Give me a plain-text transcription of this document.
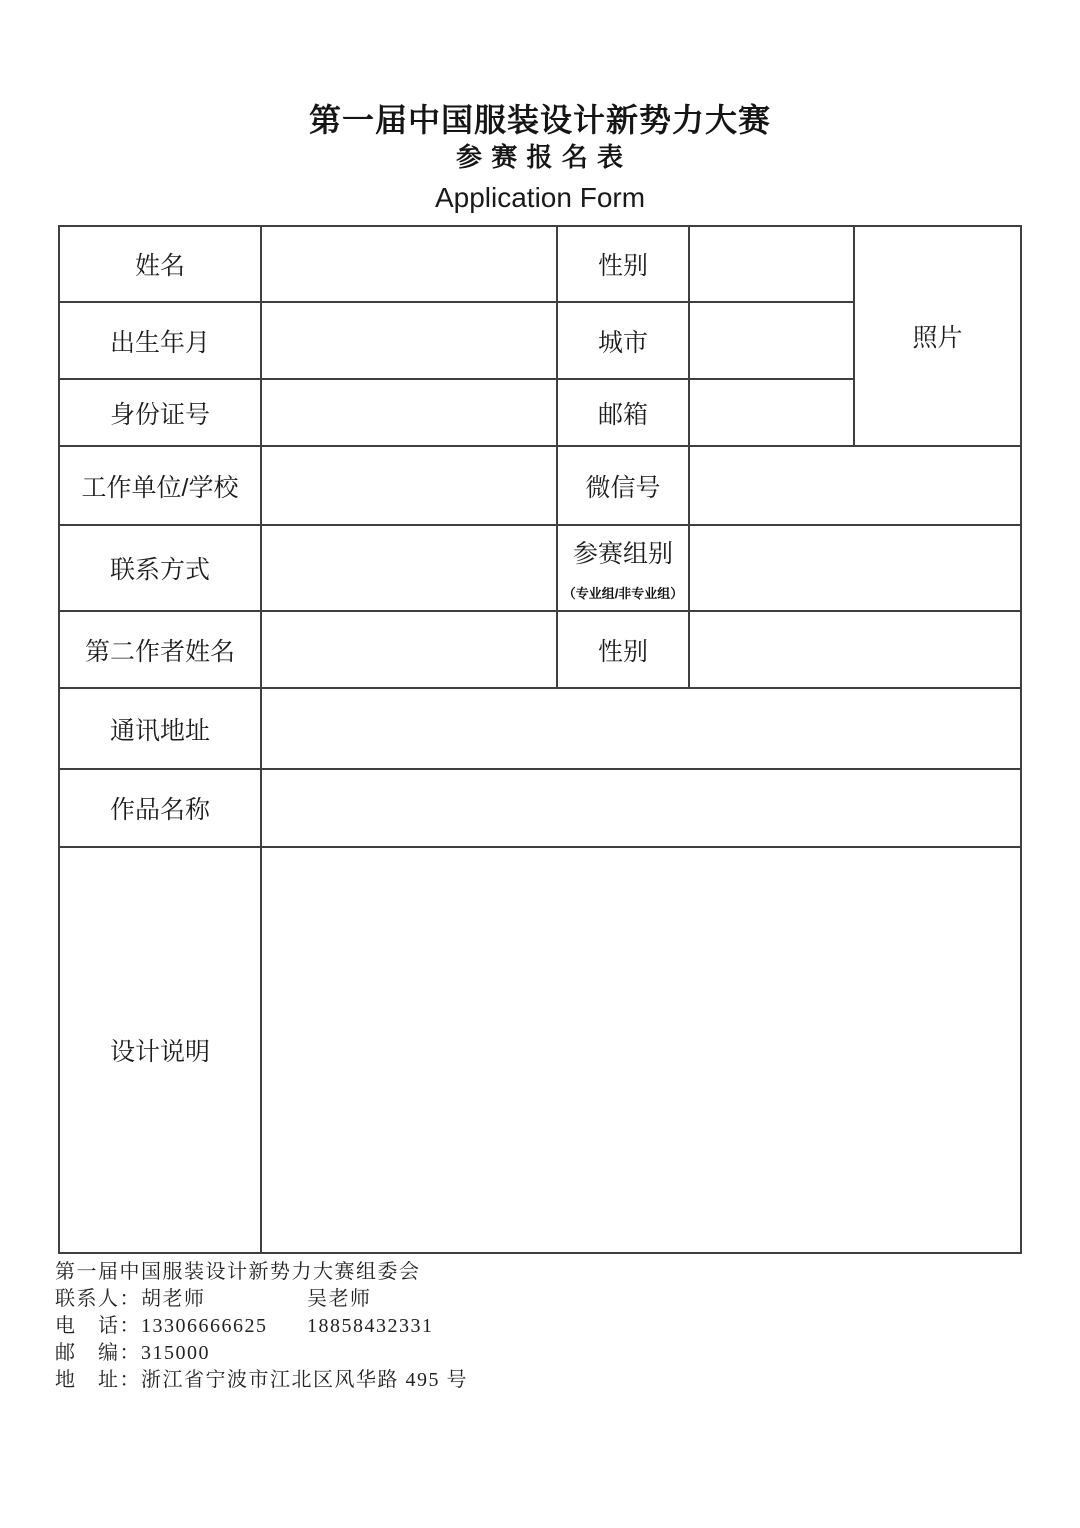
第一届中国服装设计新势力大赛
参 赛 报 名 表
Application Form
姓名		性别		照片
出生年月		城市		
身份证号		邮箱		
工作单位/学校		微信号		
联系方式		参赛组别
（专业组/非专业组）		

第二作者姓名		性别		
通讯地址				
作品名称				
设计说明				
第一届中国服装设计新势力大赛组委会
联系人：胡老师	吴老师
电　话：13306666625 18858432331
邮　编：315000
地　址：浙江省宁波市江北区风华路 495 号
